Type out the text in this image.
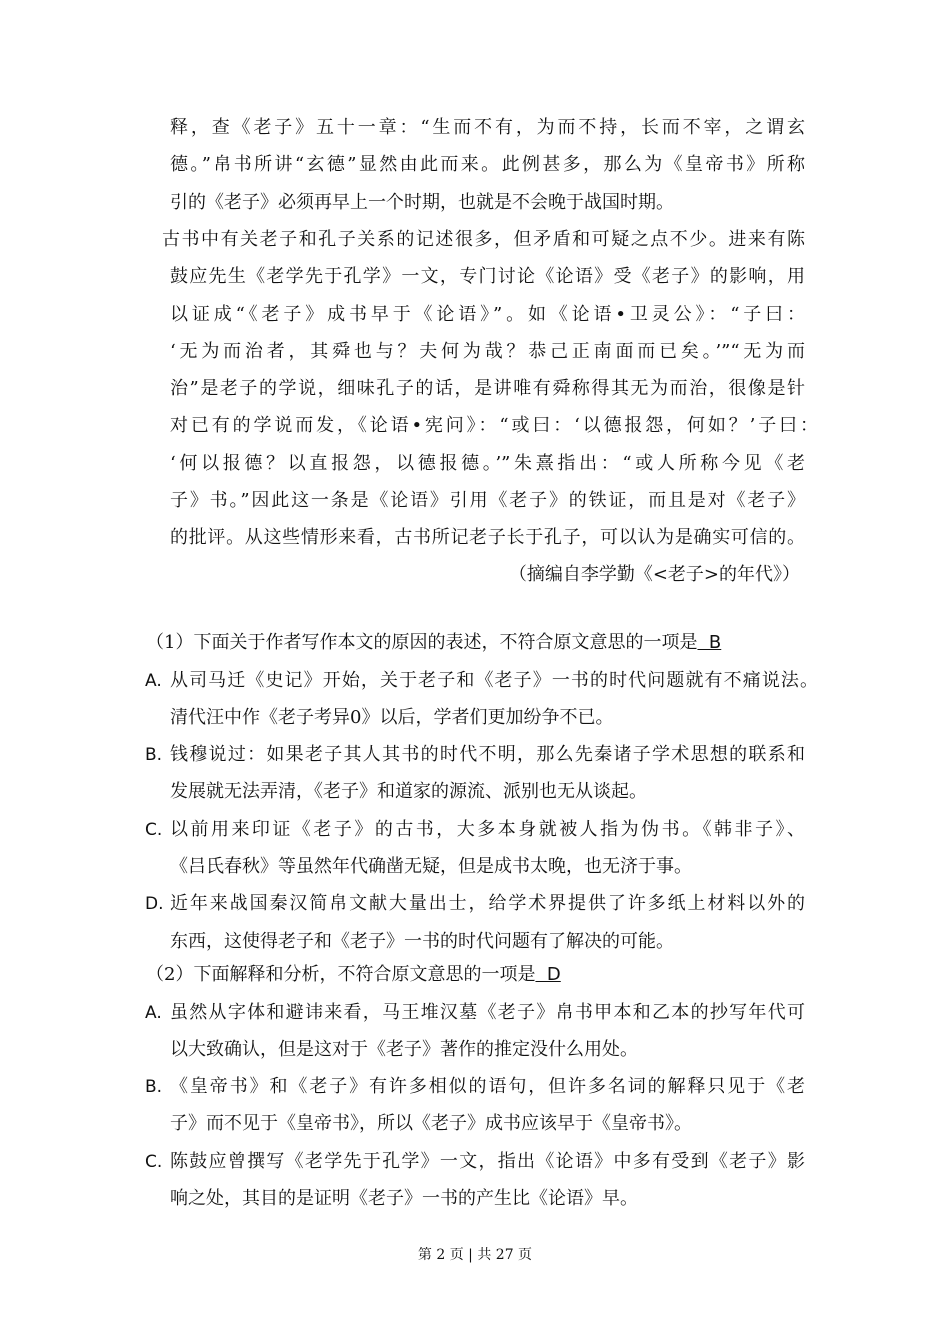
释，查《老子》五十一章：“生而不有，为而不持，长而不宰，之谓玄
德。”帛书所讲“玄德”显然由此而来。此例甚多，那么为《皇帝书》所称
引的《老子》必须再早上一个时期，也就是不会晚于战国时期。
古书中有关老子和孔子关系的记述很多，但矛盾和可疑之点不少。进来有陈
鼓应先生《老学先于孔学》一文，专门讨论《论语》受《老子》的影响，用
以证成“《老子》成书早于《论语》”。如《论语•卫灵公》：“子曰：
‘无为而治者，其舜也与？夫何为哉？恭己正南面而已矣。’”“无为而
治”是老子的学说，细味孔子的话，是讲唯有舜称得其无为而治，很像是针
对已有的学说而发，《论语•宪问》：“或曰：‘以德报怨，何如？’子曰：
‘何以报德？以直报怨，以德报德。’”朱熹指出：“或人所称今见《老
子》书。”因此这一条是《论语》引用《老子》的铁证，而且是对《老子》
的批评。从这些情形来看，古书所记老子长于孔子，可以认为是确实可信的。
（摘编自李学勤《<老子>的年代》）
（1）下面关于作者写作本文的原因的表述，不符合原文意思的一项是  B
A. 从司马迁《史记》开始，关于老子和《老子》一书的时代问题就有不痛说法。
清代汪中作《老子考异0》以后，学者们更加纷争不已。
B. 钱穆说过：如果老子其人其书的时代不明，那么先秦诸子学术思想的联系和
发展就无法弄清，《老子》和道家的源流、派别也无从谈起。
C. 以前用来印证《老子》的古书，大多本身就被人指为伪书。《韩非子》、
《吕氏春秋》等虽然年代确凿无疑，但是成书太晚，也无济于事。
D. 近年来战国秦汉简帛文献大量出士，给学术界提供了许多纸上材料以外的
东西，这使得老子和《老子》一书的时代问题有了解决的可能。
（2）下面解释和分析，不符合原文意思的一项是  D
A. 虽然从字体和避讳来看，马王堆汉墓《老子》帛书甲本和乙本的抄写年代可
以大致确认，但是这对于《老子》著作的推定没什么用处。
B. 《皇帝书》和《老子》有许多相似的语句，但许多名词的解释只见于《老
子》而不见于《皇帝书》，所以《老子》成书应该早于《皇帝书》。
C. 陈鼓应曾撰写《老学先于孔学》一文，指出《论语》中多有受到《老子》影
响之处，其目的是证明《老子》一书的产生比《论语》早。
第 2 页 | 共 27 页
